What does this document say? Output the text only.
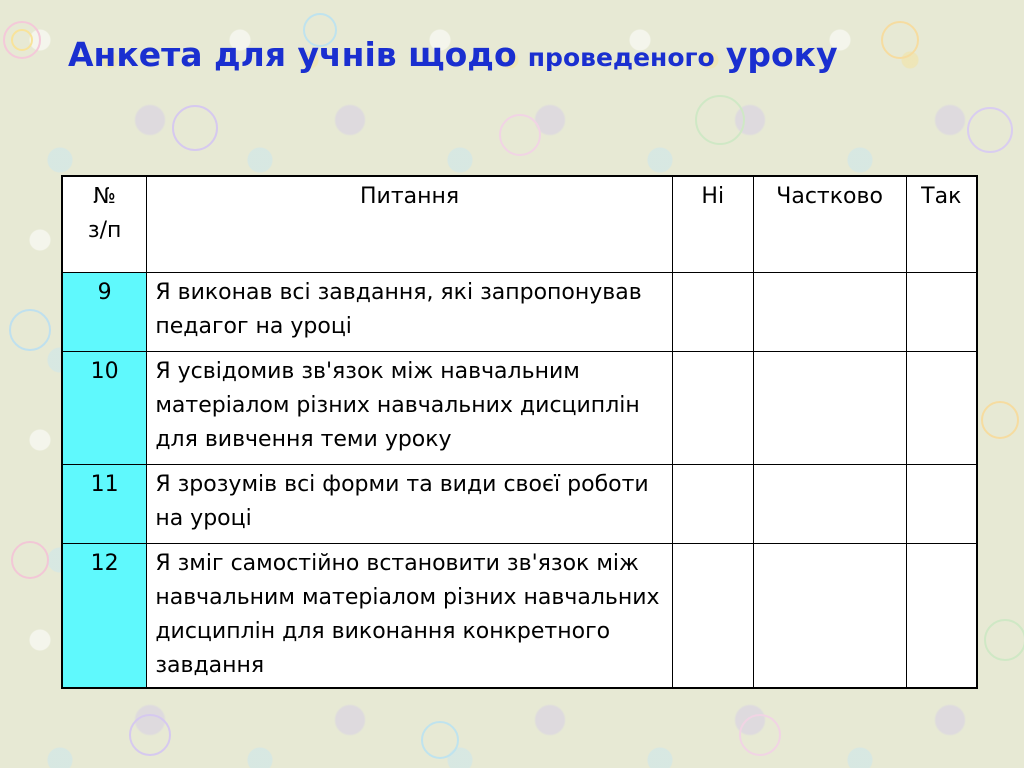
Анкета для учнів щодо проведеного уроку
№
з/п	Питання	Ні	Частково	Так
9	Я виконав всі завдання, які запропонував педагог на уроці			
10	Я усвідомив зв'язок між навчальним матеріалом різних навчальних дисциплін для вивчення теми уроку			
11	Я зрозумів всі форми та види своєї роботи на уроці			
12	Я зміг самостійно встановити зв'язок між навчальним матеріалом різних навчальних дисциплін для виконання конкретного завдання			
